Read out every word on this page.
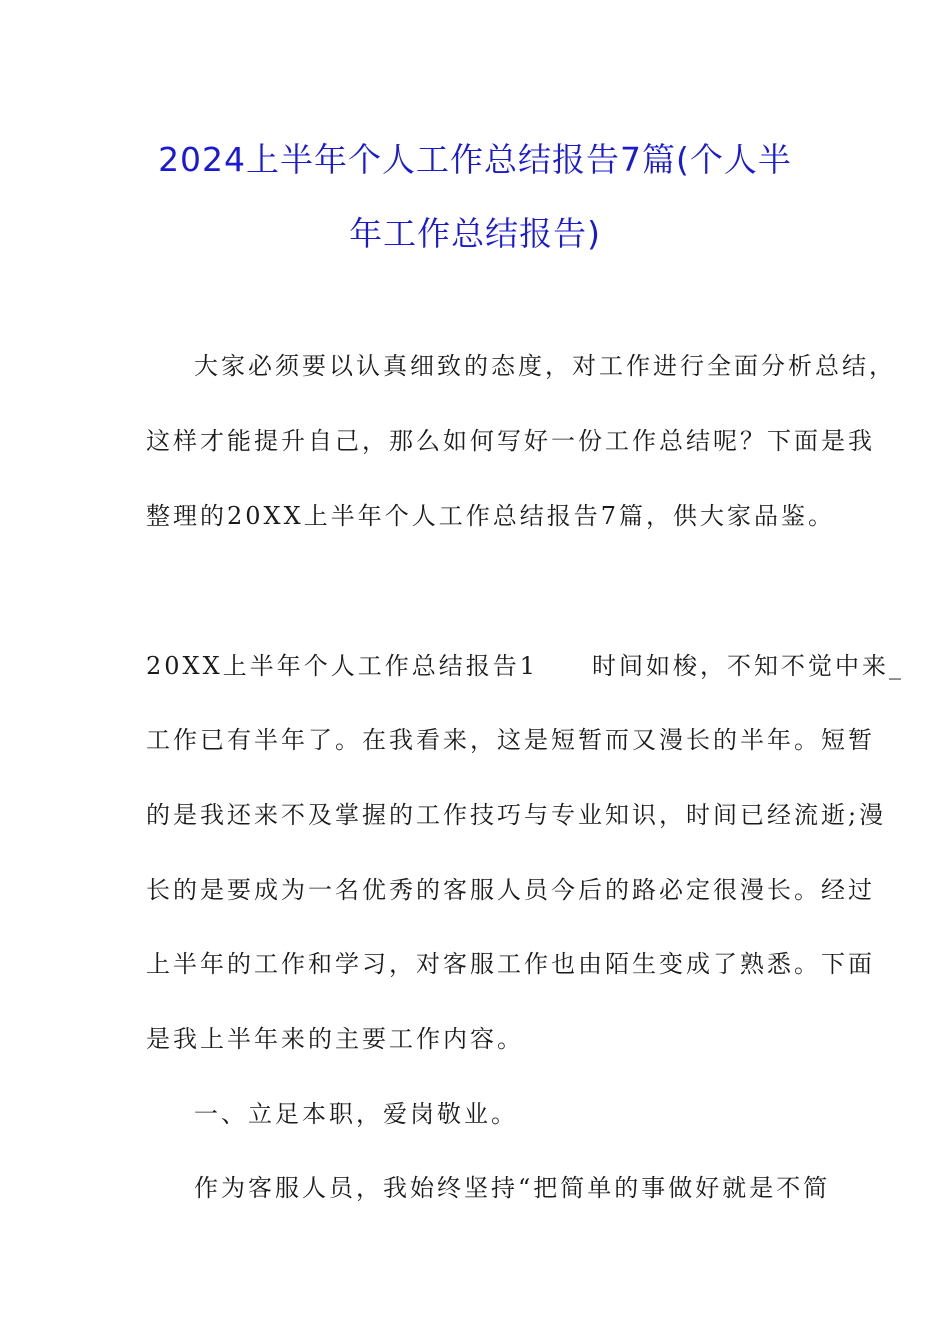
2024上半年个人工作总结报告7篇(个人半
年工作总结报告)
大家必须要以认真细致的态度，对工作进行全面分析总结，
这样才能提升自己，那么如何写好一份工作总结呢？下面是我
整理的20XX上半年个人工作总结报告7篇，供大家品鉴。
20XX上半年个人工作总结报告1　　时间如梭，不知不觉中来_
工作已有半年了。在我看来，这是短暂而又漫长的半年。短暂
的是我还来不及掌握的工作技巧与专业知识，时间已经流逝;漫
长的是要成为一名优秀的客服人员今后的路必定很漫长。经过
上半年的工作和学习，对客服工作也由陌生变成了熟悉。下面
是我上半年来的主要工作内容。
一、立足本职，爱岗敬业。
作为客服人员，我始终坚持“把简单的事做好就是不简
